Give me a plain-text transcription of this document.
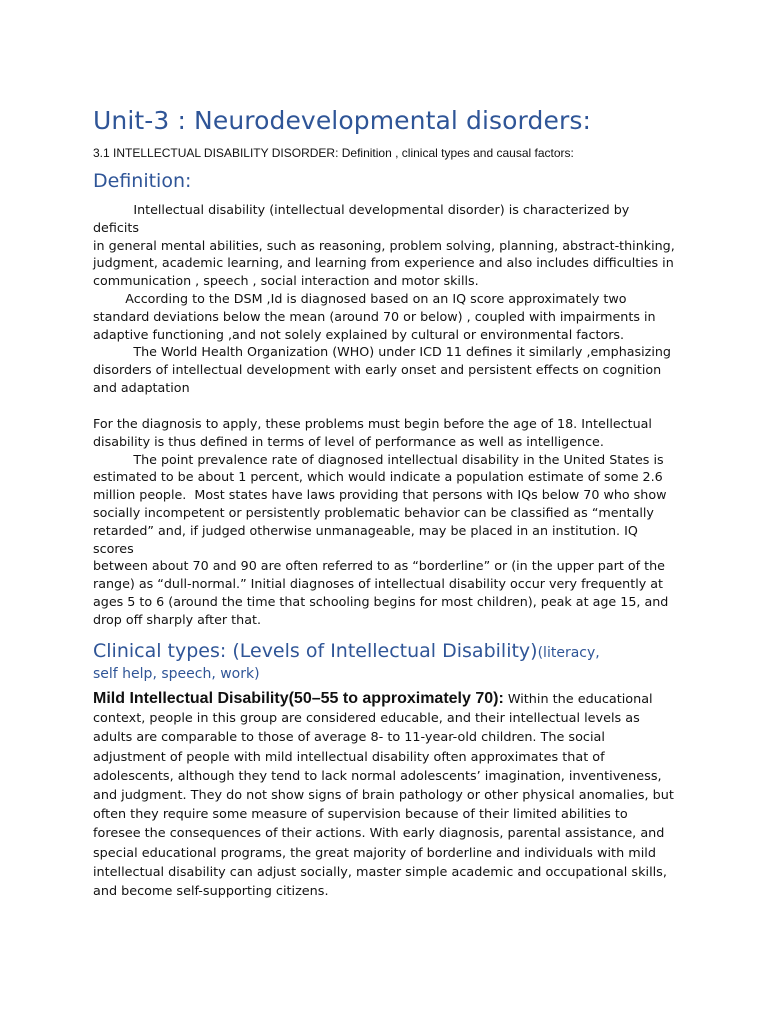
Unit-3 : Neurodevelopmental disorders:
3.1 INTELLECTUAL DISABILITY DISORDER: Definition , clinical types and causal factors:
Definition:

Intellectual disability (intellectual developmental disorder) is characterized by deficits
in general mental abilities, such as reasoning, problem solving, planning, abstract-thinking,
judgment, academic learning, and learning from experience and also includes difficulties in
communication , speech , social interaction and motor skills.

According to the DSM ,Id is diagnosed based on an IQ score approximately two
standard deviations below the mean (around 70 or below) , coupled with impairments in
adaptive functioning ,and not solely explained by cultural or environmental factors.
The World Health Organization (WHO) under ICD 11 defines it similarly ,emphasizing
disorders of intellectual development with early onset and persistent effects on cognition
and adaptation

For the diagnosis to apply, these problems must begin before the age of 18. Intellectual
disability is thus defined in terms of level of performance as well as intelligence.
The point prevalence rate of diagnosed intellectual disability in the United States is
estimated to be about 1 percent, which would indicate a population estimate of some 2.6
million people.  Most states have laws providing that persons with IQs below 70 who show
socially incompetent or persistently problematic behavior can be classified as “mentally
retarded” and, if judged otherwise unmanageable, may be placed in an institution. IQ scores
between about 70 and 90 are often referred to as “borderline” or (in the upper part of the
range) as “dull-normal.” Initial diagnoses of intellectual disability occur very frequently at
ages 5 to 6 (around the time that schooling begins for most children), peak at age 15, and
drop off sharply after that.

Clinical types: (Levels of Intellectual Disability)(literacy,
self help, speech, work)

Mild Intellectual Disability(50–55 to approximately 70): Within the educational context, people in this group are considered educable, and their intellectual levels as adults are comparable to those of average 8- to 11-year-old children. The social adjustment of people with mild intellectual disability often approximates that of adolescents, although they tend to lack normal adolescents’ imagination, inventiveness, and judgment. They do not show signs of brain pathology or other physical anomalies, but often they require some measure of supervision because of their limited abilities to foresee the consequences of their actions. With early diagnosis, parental assistance, and special educational programs, the great majority of borderline and individuals with mild intellectual disability can adjust socially, master simple academic and occupational skills, and become self-supporting citizens.
